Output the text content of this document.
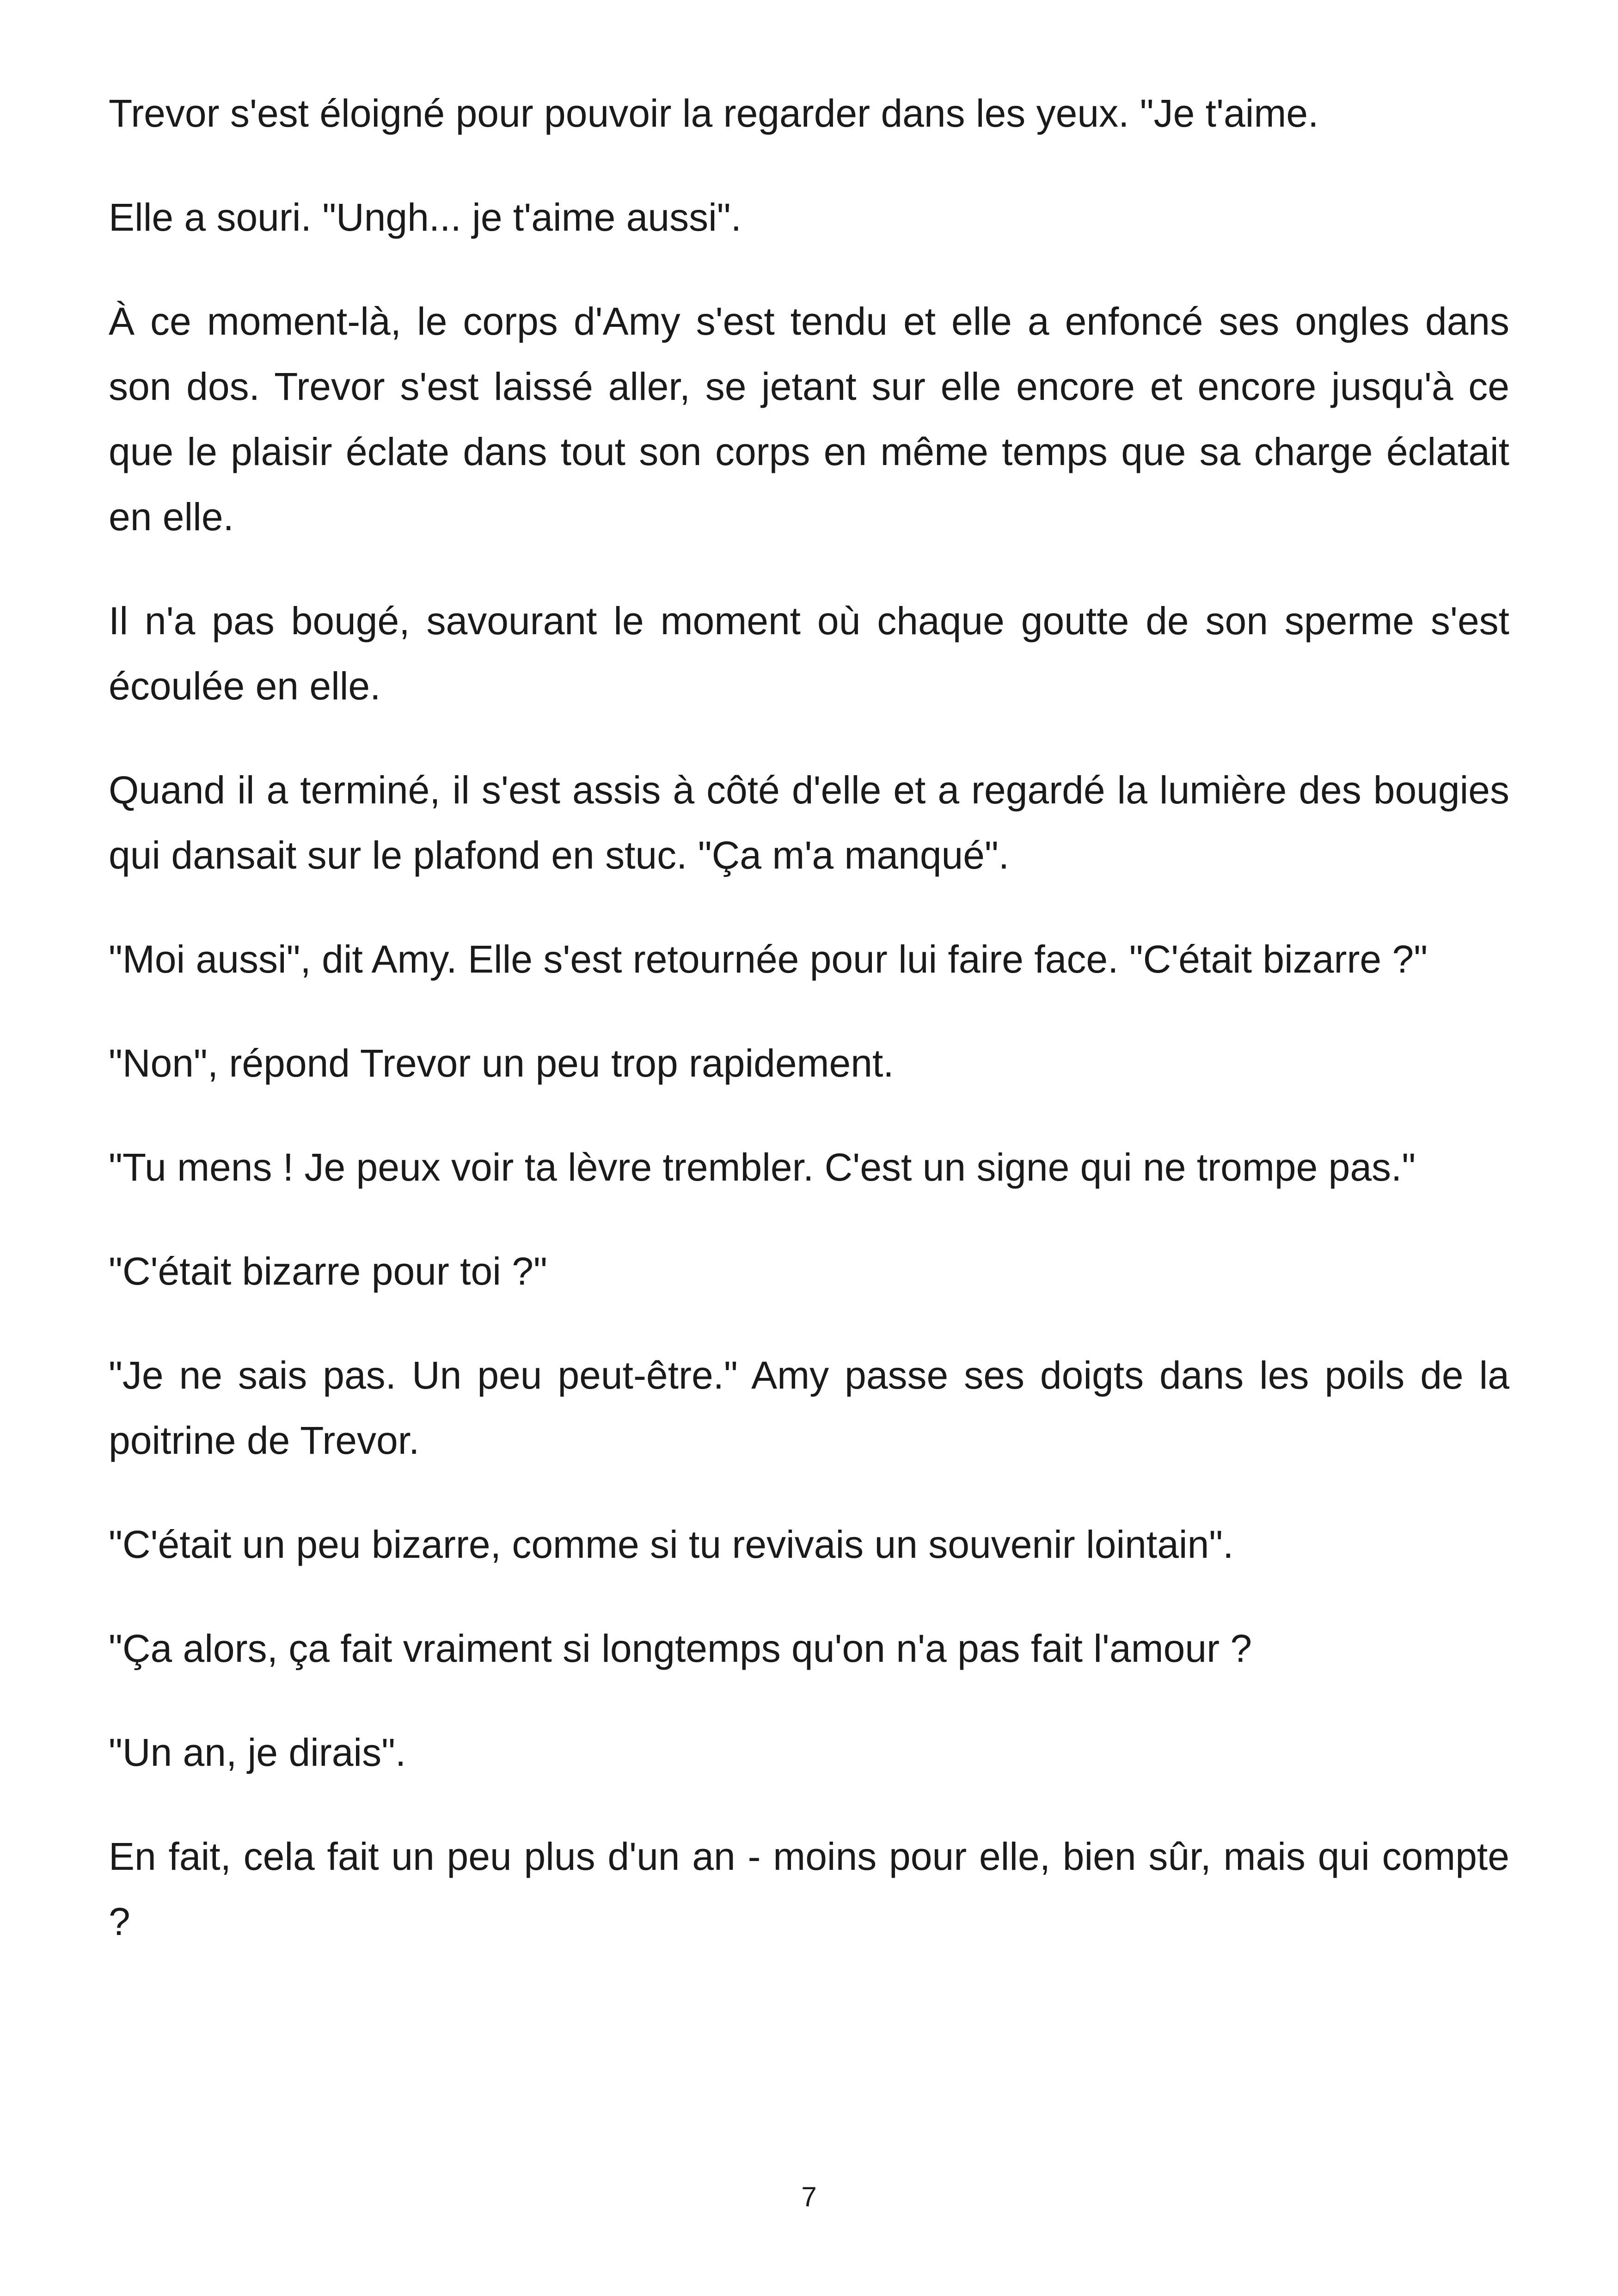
Trevor s'est éloigné pour pouvoir la regarder dans les yeux. "Je t'aime.

Elle a souri. "Ungh... je t'aime aussi".

À ce moment-là, le corps d'Amy s'est tendu et elle a enfoncé ses ongles dans son dos. Trevor s'est laissé aller, se jetant sur elle encore et encore jusqu'à ce que le plaisir éclate dans tout son corps en même temps que sa charge éclatait en elle.

Il n'a pas bougé, savourant le moment où chaque goutte de son sperme s'est écoulée en elle.

Quand il a terminé, il s'est assis à côté d'elle et a regardé la lumière des bougies qui dansait sur le plafond en stuc. "Ça m'a manqué".

"Moi aussi", dit Amy. Elle s'est retournée pour lui faire face. "C'était bizarre ?"

"Non", répond Trevor un peu trop rapidement.

"Tu mens ! Je peux voir ta lèvre trembler. C'est un signe qui ne trompe pas."

"C'était bizarre pour toi ?"

"Je ne sais pas. Un peu peut-être." Amy passe ses doigts dans les poils de la poitrine de Trevor.

"C'était un peu bizarre, comme si tu revivais un souvenir lointain".

"Ça alors, ça fait vraiment si longtemps qu'on n'a pas fait l'amour ?

"Un an, je dirais".

En fait, cela fait un peu plus d'un an - moins pour elle, bien sûr, mais qui compte ?

7
